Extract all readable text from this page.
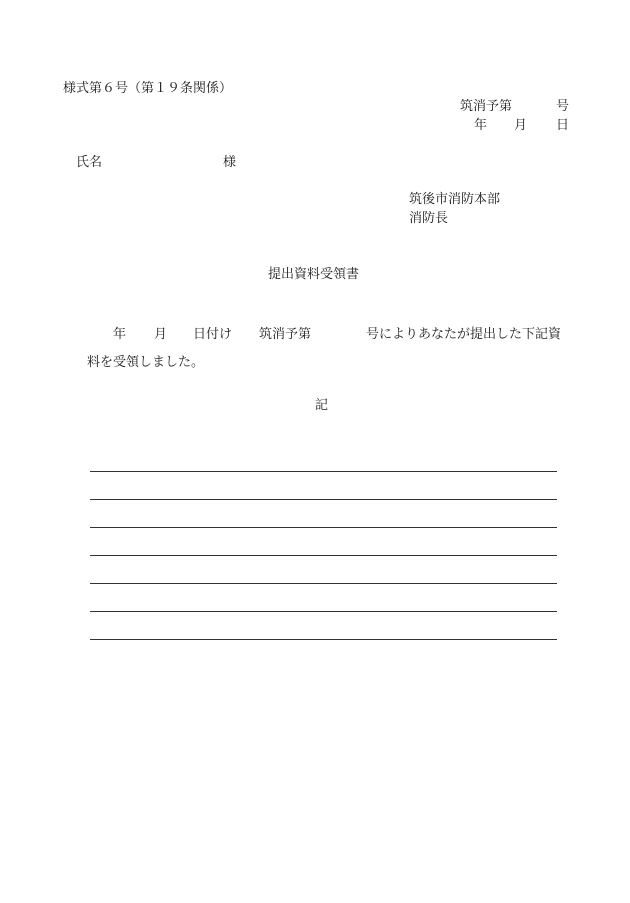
様式第６号（第１９条関係）
筑消予第	号
年 月 日
氏名	様
筑後市消防本部
消防長
提出資料受領書
年 月 日付け 筑消予第	号によりあなたが提出した下記資
料を受領しました。
記
